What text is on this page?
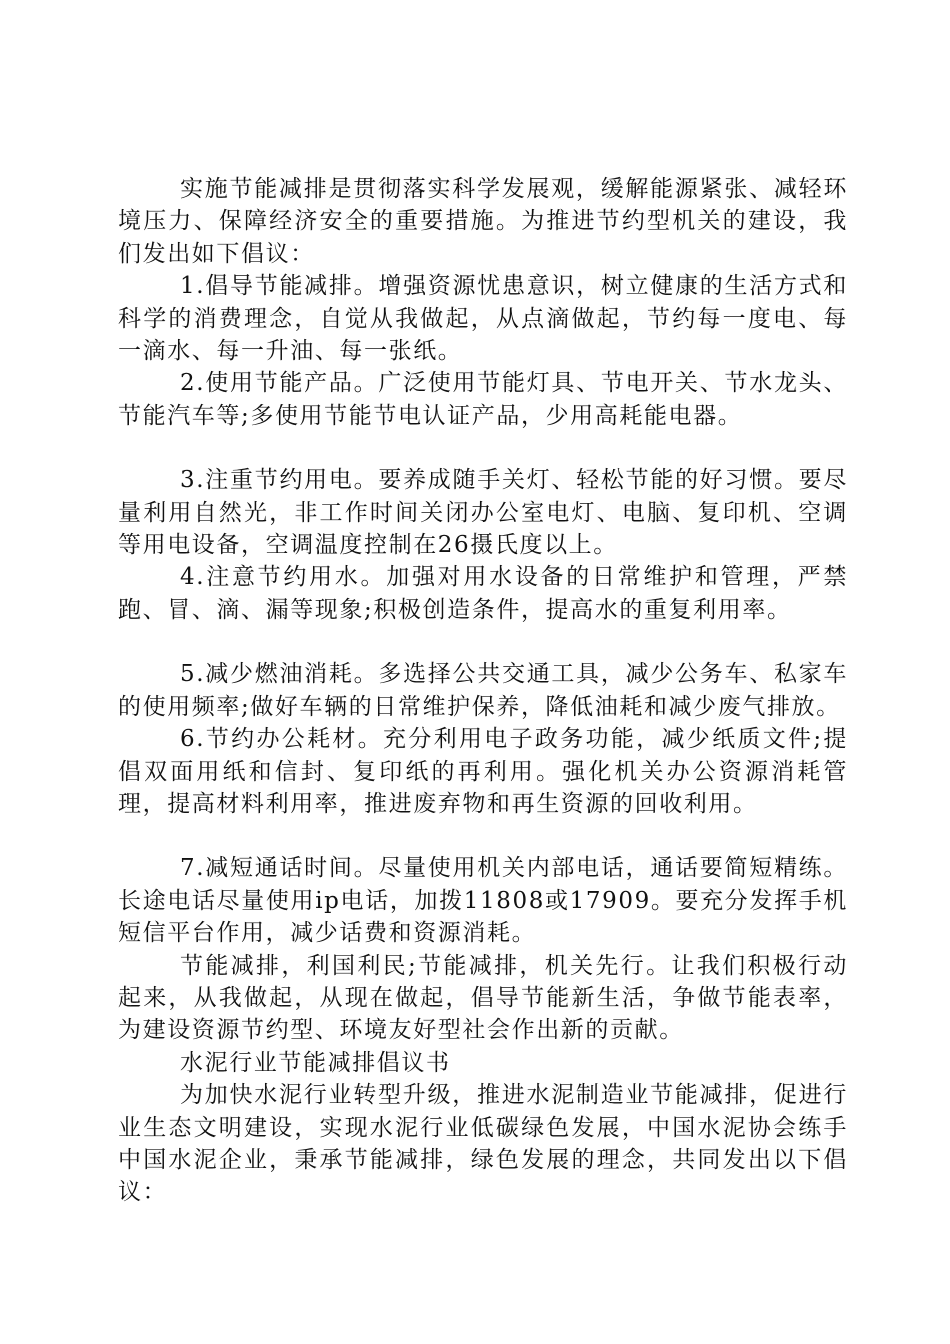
实施节能减排是贯彻落实科学发展观，缓解能源紧张、减轻环境压力、保障经济安全的重要措施。为推进节约型机关的建设，我们发出如下倡议：

1.倡导节能减排。增强资源忧患意识，树立健康的生活方式和科学的消费理念，自觉从我做起，从点滴做起，节约每一度电、每一滴水、每一升油、每一张纸。

2.使用节能产品。广泛使用节能灯具、节电开关、节水龙头、节能汽车等;多使用节能节电认证产品，少用高耗能电器。

3.注重节约用电。要养成随手关灯、轻松节能的好习惯。要尽量利用自然光，非工作时间关闭办公室电灯、电脑、复印机、空调等用电设备，空调温度控制在26摄氏度以上。

4.注意节约用水。加强对用水设备的日常维护和管理，严禁跑、冒、滴、漏等现象;积极创造条件，提高水的重复利用率。

5.减少燃油消耗。多选择公共交通工具，减少公务车、私家车的使用频率;做好车辆的日常维护保养，降低油耗和减少废气排放。

6.节约办公耗材。充分利用电子政务功能，减少纸质文件;提倡双面用纸和信封、复印纸的再利用。强化机关办公资源消耗管理，提高材料利用率，推进废弃物和再生资源的回收利用。

7.减短通话时间。尽量使用机关内部电话，通话要简短精练。长途电话尽量使用ip电话，加拨11808或17909。要充分发挥手机短信平台作用，减少话费和资源消耗。

节能减排，利国利民;节能减排，机关先行。让我们积极行动起来，从我做起，从现在做起，倡导节能新生活，争做节能表率，为建设资源节约型、环境友好型社会作出新的贡献。

水泥行业节能减排倡议书

为加快水泥行业转型升级，推进水泥制造业节能减排，促进行业生态文明建设，实现水泥行业低碳绿色发展，中国水泥协会练手中国水泥企业，秉承节能减排，绿色发展的理念，共同发出以下倡议：
